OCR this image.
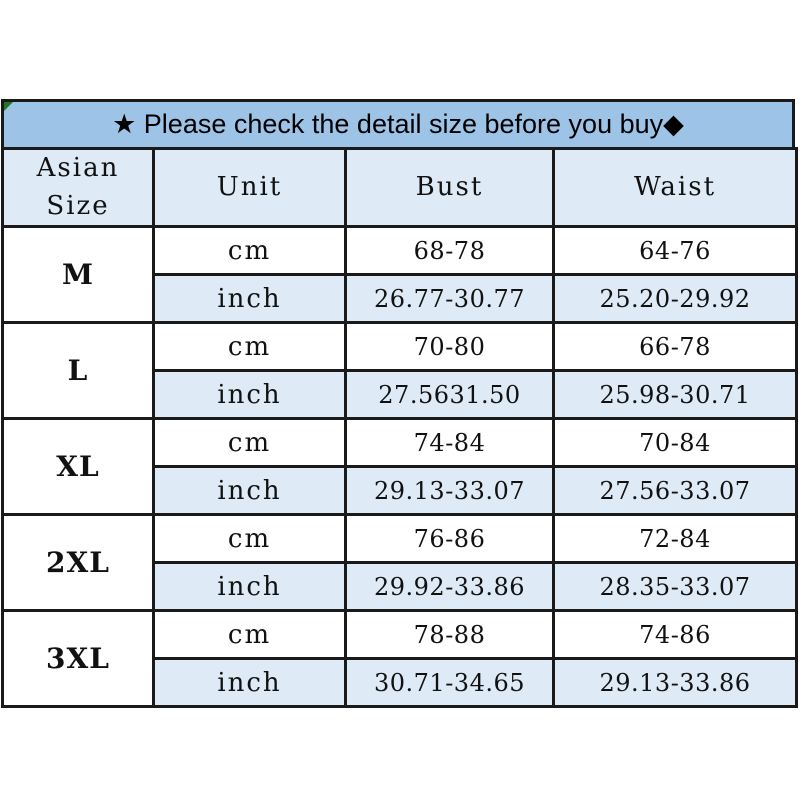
★ Please check the detail size before you buy◆
Asian Size	Unit	Bust	Waist
M	cm	68-78	64-76
	inch	26.77-30.77	25.20-29.92
L	cm	70-80	66-78
	inch	27.5631.50	25.98-30.71
XL	cm	74-84	70-84
	inch	29.13-33.07	27.56-33.07
2XL	cm	76-86	72-84
	inch	29.92-33.86	28.35-33.07
3XL	cm	78-88	74-86
	inch	30.71-34.65	29.13-33.86
